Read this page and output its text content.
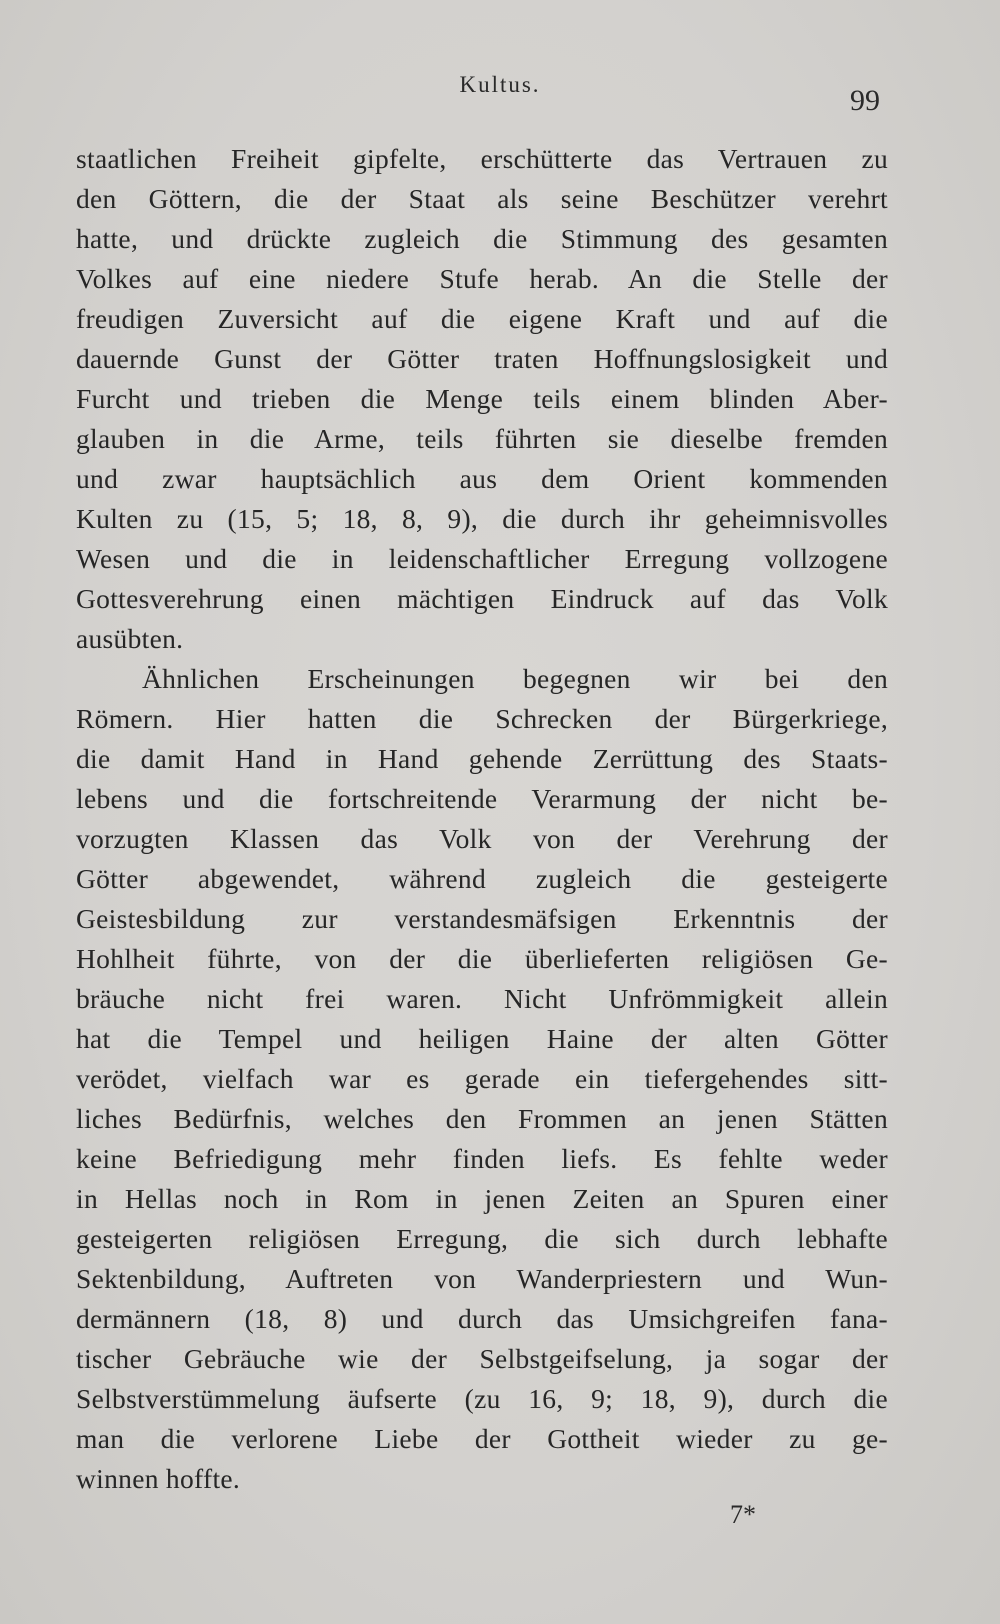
Kultus.	99
staatlichen Freiheit gipfelte, erschütterte das Vertrauen zu
den Göttern, die der Staat als seine Beschützer verehrt
hatte, und drückte zugleich die Stimmung des gesamten
Volkes auf eine niedere Stufe herab. An die Stelle der
freudigen Zuversicht auf die eigene Kraft und auf die
dauernde Gunst der Götter traten Hoffnungslosigkeit und
Furcht und trieben die Menge teils einem blinden Aber-
glauben in die Arme, teils führten sie dieselbe fremden
und zwar hauptsächlich aus dem Orient kommenden
Kulten zu (15, 5; 18, 8, 9), die durch ihr geheimnisvolles
Wesen und die in leidenschaftlicher Erregung vollzogene
Gottesverehrung einen mächtigen Eindruck auf das Volk
ausübten.
Ähnlichen Erscheinungen begegnen wir bei den
Römern. Hier hatten die Schrecken der Bürgerkriege,
die damit Hand in Hand gehende Zerrüttung des Staats-
lebens und die fortschreitende Verarmung der nicht be-
vorzugten Klassen das Volk von der Verehrung der
Götter abgewendet, während zugleich die gesteigerte
Geistesbildung zur verstandesmäfsigen Erkenntnis der
Hohlheit führte, von der die überlieferten religiösen Ge-
bräuche nicht frei waren. Nicht Unfrömmigkeit allein
hat die Tempel und heiligen Haine der alten Götter
verödet, vielfach war es gerade ein tiefergehendes sitt-
liches Bedürfnis, welches den Frommen an jenen Stätten
keine Befriedigung mehr finden liefs. Es fehlte weder
in Hellas noch in Rom in jenen Zeiten an Spuren einer
gesteigerten religiösen Erregung, die sich durch lebhafte
Sektenbildung, Auftreten von Wanderpriestern und Wun-
dermännern (18, 8) und durch das Umsichgreifen fana-
tischer Gebräuche wie der Selbstgeifselung, ja sogar der
Selbstverstümmelung äufserte (zu 16, 9; 18, 9), durch die
man die verlorene Liebe der Gottheit wieder zu ge-
winnen hoffte.
7*
